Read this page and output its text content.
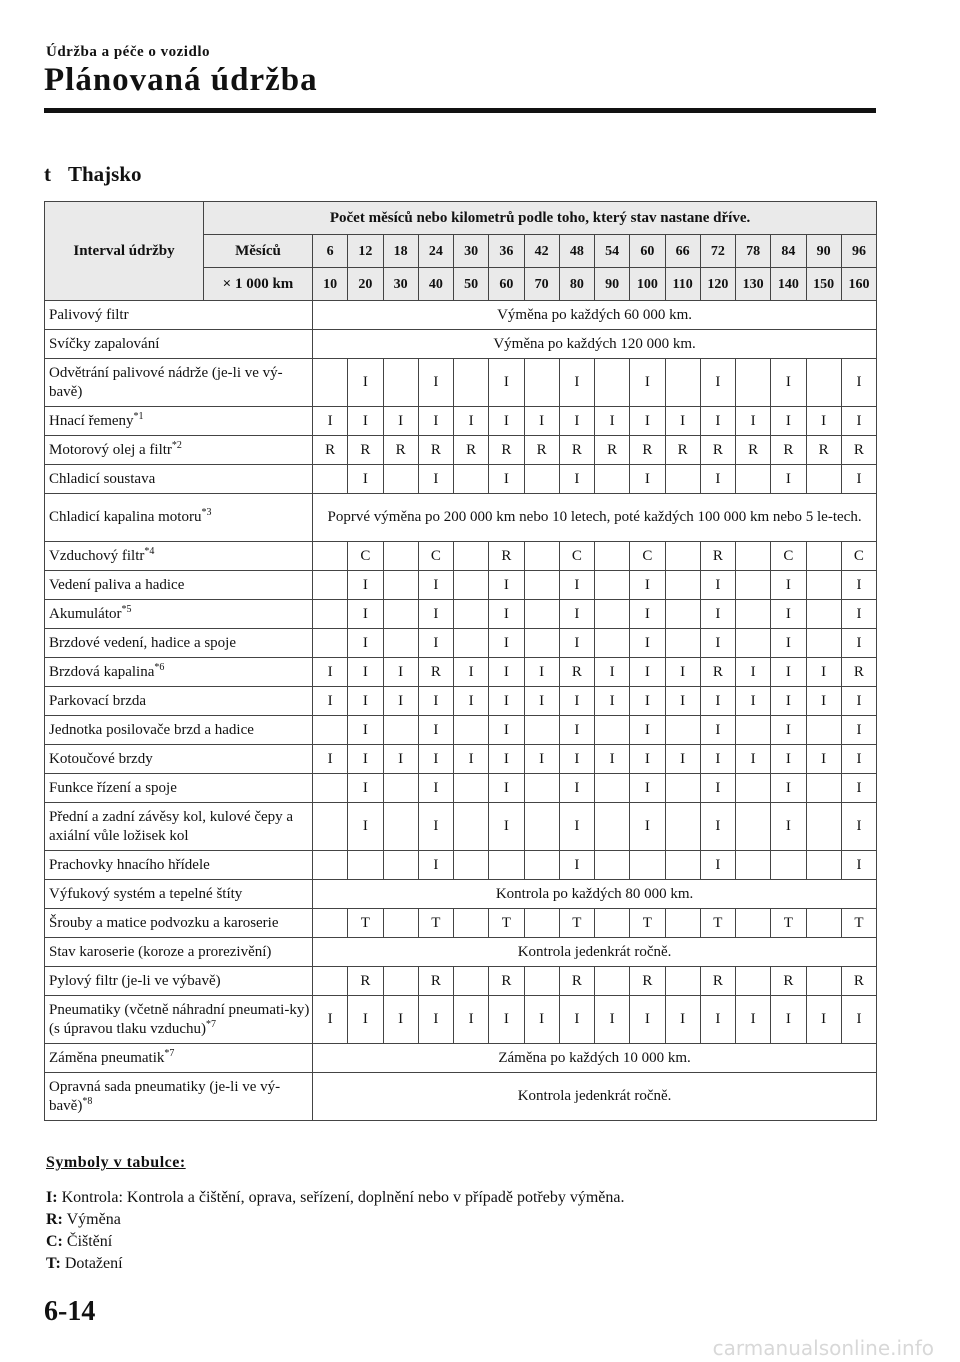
Údržba a péče o vozidlo
Plánovaná údržba
t Thajsko
Interval údržby	Počet měsíců nebo kilometrů podle toho, který stav nastane dříve.																
	Měsíců	6	12	18	24	30	36	42	48	54	60	66	72	78	84	90	96
	× 1 000 km	10	20	30	40	50	60	70	80	90	100	110	120	130	140	150	160
Palivový filtr		Výměna po každých 60 000 km.															
Svíčky zapalování		Výměna po každých 120 000 km.															
Odvětrání palivové nádrže (je-li ve vý-bavě)			I		I		I		I		I		I		I		I
Hnací řemeny$^{*1}$		I	I	I	I	I	I	I	I	I	I	I	I	I	I	I	I
Motorový olej a filtr$^{*2}$		R	R	R	R	R	R	R	R	R	R	R	R	R	R	R	R
Chladicí soustava			I		I		I		I		I		I		I		I
Chladicí kapalina motoru$^{*3}$		Poprvé výměna po 200 000 km nebo 10 letech, poté každých 100 000 km nebo 5 le-tech.															
Vzduchový filtr$^{*4}$			C		C		R		C		C		R		C		C
Vedení paliva a hadice			I		I		I		I		I		I		I		I
Akumulátor$^{*5}$			I		I		I		I		I		I		I		I
Brzdové vedení, hadice a spoje			I		I		I		I		I		I		I		I
Brzdová kapalina$^{*6}$		I	I	I	R	I	I	I	R	I	I	I	R	I	I	I	R
Parkovací brzda		I	I	I	I	I	I	I	I	I	I	I	I	I	I	I	I
Jednotka posilovače brzd a hadice			I		I		I		I		I		I		I		I
Kotoučové brzdy		I	I	I	I	I	I	I	I	I	I	I	I	I	I	I	I
Funkce řízení a spoje			I		I		I		I		I		I		I		I
Přední a zadní závěsy kol, kulové čepy a axiální vůle ložisek kol			I		I		I		I		I		I		I		I
Prachovky hnacího hřídele					I				I				I				I
Výfukový systém a tepelné štíty		Kontrola po každých 80 000 km.															
Šrouby a matice podvozku a karoserie			T		T		T		T		T		T		T		T
Stav karoserie (koroze a prorezivění)		Kontrola jedenkrát ročně.															
Pylový filtr (je-li ve výbavě)			R		R		R		R		R		R		R		R
Pneumatiky (včetně náhradní pneumati-ky) (s úpravou tlaku vzduchu)$^{*7}$		I	I	I	I	I	I	I	I	I	I	I	I	I	I	I	I
Záměna pneumatik$^{*7}$		Záměna po každých 10 000 km.															
Opravná sada pneumatiky (je-li ve vý-bavě)$^{*8}$		Kontrola jedenkrát ročně.															
Symboly v tabulce:
I: Kontrola: Kontrola a čištění, oprava, seřízení, doplnění nebo v případě potřeby výměna.
R: Výměna
C: Čištění
T: Dotažení
6-14
carmanualsonline.info
